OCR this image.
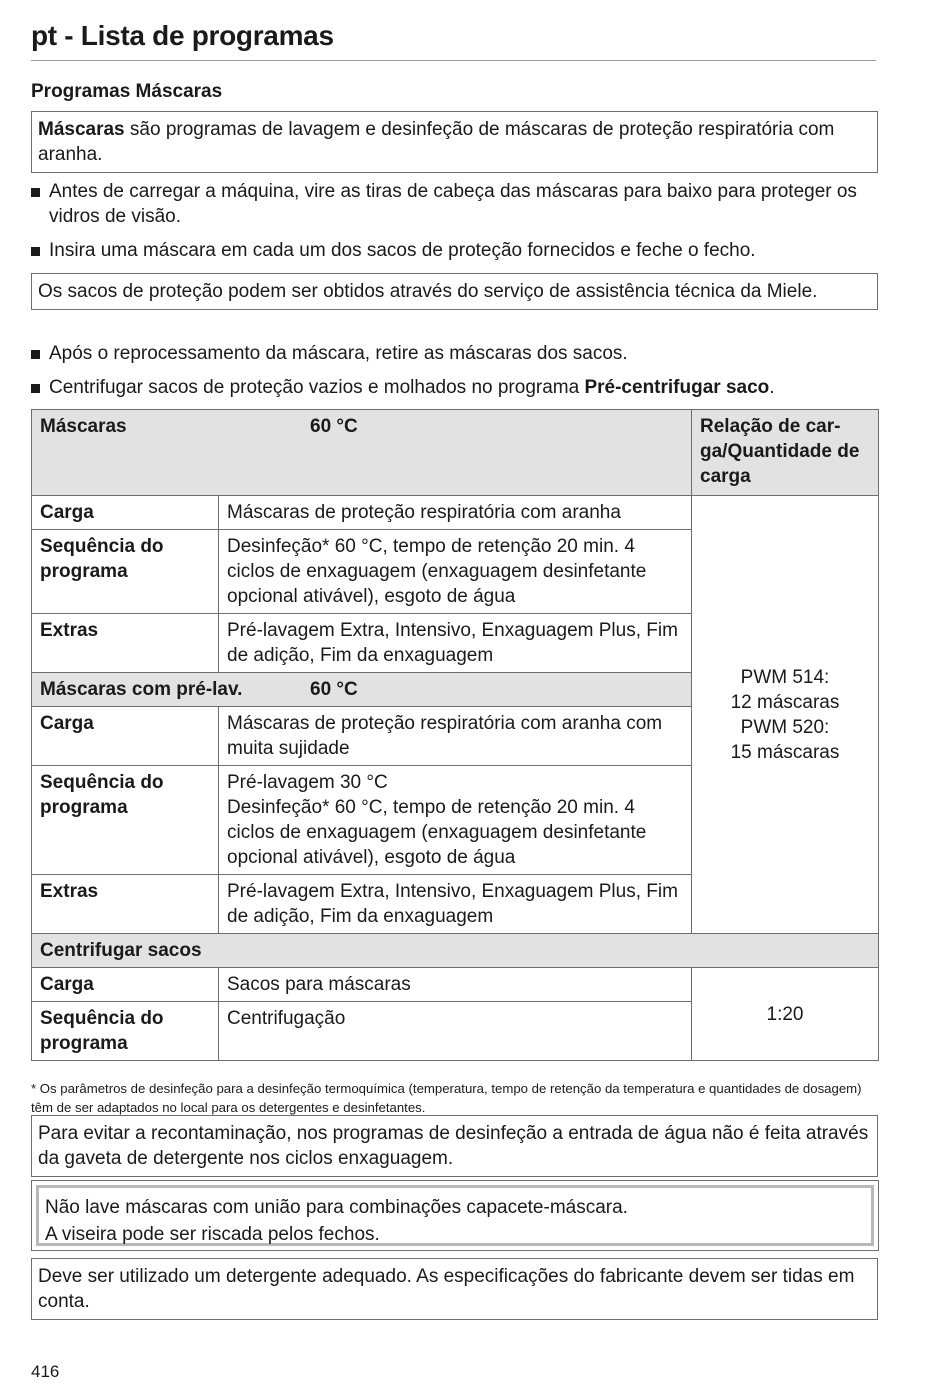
pt - Lista de programas
Programas Máscaras
Máscaras são programas de lavagem e desinfeção de máscaras de proteção respiratória com aranha.
Antes de carregar a máquina, vire as tiras de cabeça das máscaras para baixo para proteger os vidros de visão.
Insira uma máscara em cada um dos sacos de proteção fornecidos e feche o fecho.
Os sacos de proteção podem ser obtidos através do serviço de assistência técnica da Miele.
Após o reprocessamento da máscara, retire as máscaras dos sacos.
Centrifugar sacos de proteção vazios e molhados no programa Pré-centrifugar saco.
Máscaras 60 °C		Relação de car-ga/Quantidade de carga
Carga	Máscaras de proteção respiratória com aranha	PWM 514:
12 máscaras
PWM 520:
15 máscaras

Sequência do programa	Desinfeção* 60 °C, tempo de retenção 20 min. 4 ciclos de enxaguagem (enxaguagem desinfetante opcional ativável), esgoto de água	
Extras	Pré-lavagem Extra, Intensivo, Enxaguagem Plus, Fim de adição, Fim da enxaguagem	

Máscaras com pré-lav. 60 °C		

Carga	Máscaras de proteção respiratória com aranha com muita sujidade	
Sequência do programa	Pré-lavagem 30 °C
Desinfeção* 60 °C, tempo de retenção 20 min. 4 ciclos de enxaguagem (enxaguagem desinfetante opcional ativável), esgoto de água	

Extras	Pré-lavagem Extra, Intensivo, Enxaguagem Plus, Fim de adição, Fim da enxaguagem	
Centrifugar sacos		
Carga	Sacos para máscaras	1:20
Sequência do programa	Centrifugação	
* Os parâmetros de desinfeção para a desinfeção termoquímica (temperatura, tempo de retenção da temperatura e quantidades de dosagem) têm de ser adaptados no local para os detergentes e desinfetantes.
Para evitar a recontaminação, nos programas de desinfeção a entrada de água não é feita através da gaveta de detergente nos ciclos enxaguagem.
Não lave máscaras com união para combinações capacete-máscara.
A viseira pode ser riscada pelos fechos.
Deve ser utilizado um detergente adequado. As especificações do fabricante devem ser tidas em conta.
416
